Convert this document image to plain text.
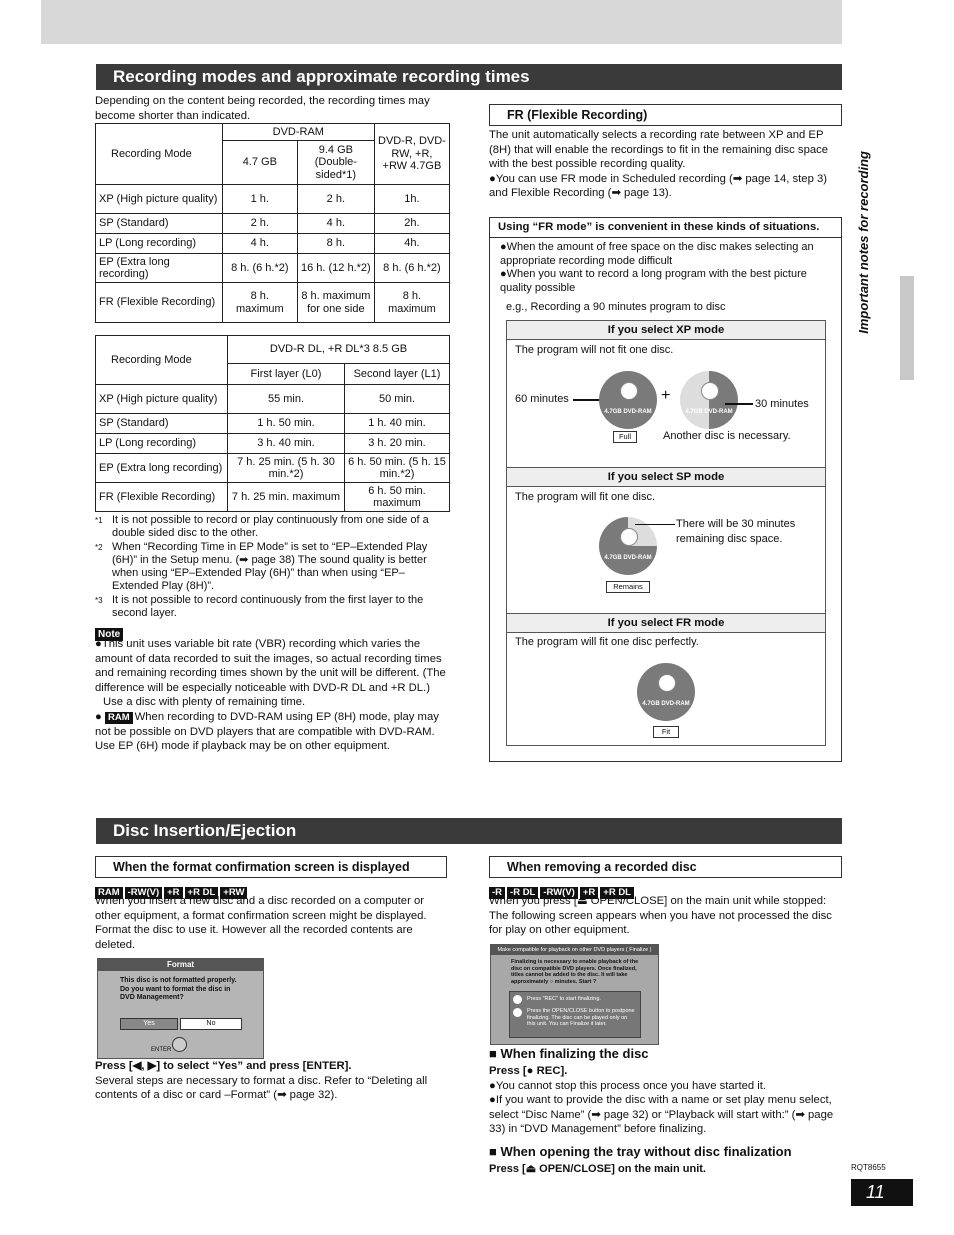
Recording modes and approximate recording times
Depending on the content being recorded, the recording times may become shorter than indicated.
Recording Mode	DVD-RAM		DVD-R, DVD-RW, +R, +RW 4.7GB
	4.7 GB	9.4 GB (Double-sided*1)	
XP (High picture quality)	1 h.	2 h.	1h.
SP (Standard)	2 h.	4 h.	2h.
LP (Long recording)	4 h.	8 h.	4h.
EP (Extra long recording)	8 h. (6 h.*2)	16 h. (12 h.*2)	8 h. (6 h.*2)
FR (Flexible Recording)	8 h. maximum	8 h. maximum for one side	8 h. maximum
Recording Mode	DVD-R DL, +R DL*3 8.5 GB	
	First layer (L0)	Second layer (L1)
XP (High picture quality)	55 min.	50 min.
SP (Standard)	1 h. 50 min.	1 h. 40 min.
LP (Long recording)	3 h. 40 min.	3 h. 20 min.
EP (Extra long recording)	7 h. 25 min. (5 h. 30 min.*2)	6 h. 50 min. (5 h. 15 min.*2)
FR (Flexible Recording)	7 h. 25 min. maximum	6 h. 50 min. maximum
*1 It is not possible to record or play continuously from one side of a double sided disc to the other.
*2 When “Recording Time in EP Mode” is set to “EP–Extended Play (6H)” in the Setup menu. (➡ page 38) The sound quality is better when using “EP–Extended Play (6H)” than when using “EP–Extended Play (8H)”.
*3 It is not possible to record continuously from the first layer to the second layer.
Note
●This unit uses variable bit rate (VBR) recording which varies the amount of data recorded to suit the images, so actual recording times and remaining recording times shown by the unit will be different. (The difference will be especially noticeable with DVD-R DL and +R DL.)
Use a disc with plenty of remaining time.
● RAM When recording to DVD-RAM using EP (8H) mode, play may not be possible on DVD players that are compatible with DVD-RAM. Use EP (6H) mode if playback may be on other equipment.
FR (Flexible Recording)
The unit automatically selects a recording rate between XP and EP (8H) that will enable the recordings to fit in the remaining disc space with the best possible recording quality.
●You can use FR mode in Scheduled recording (➡ page 14, step 3) and Flexible Recording (➡ page 13).
Using “FR mode” is convenient in these kinds of situations.
●When the amount of free space on the disc makes selecting an appropriate recording mode difficult
●When you want to record a long program with the best picture quality possible
e.g., Recording a 90 minutes program to disc
If you select XP mode
The program will not fit one disc.
60 minutes
4.7GB DVD-RAM
+
4.7GB DVD-RAM
30 minutes
Full	Another disc is necessary.
If you select SP mode
The program will fit one disc.
4.7GB DVD-RAM
There will be 30 minutes remaining disc space.
Remains
If you select FR mode
The program will fit one disc perfectly.
4.7GB DVD-RAM
Fit
Important notes for recording
Disc Insertion/Ejection
When the format confirmation screen is displayed
RAM -RW(V) +R +R DL +RW
When you insert a new disc and a disc recorded on a computer or other equipment, a format confirmation screen might be displayed. Format the disc to use it. However all the recorded contents are deleted.
Format
This disc is not formatted properly. Do you want to format the disc in DVD Management?
Yes	No
ENTER
Press [◀, ▶] to select “Yes” and press [ENTER].
Several steps are necessary to format a disc. Refer to “Deleting all contents of a disc or card –Format” (➡ page 32).
When removing a recorded disc
-R -R DL -RW(V) +R +R DL
When you press [⏏ OPEN/CLOSE] on the main unit while stopped: The following screen appears when you have not processed the disc for play on other equipment.
Make compatible for playback on other DVD players ( Finalize )
Finalizing is necessary to enable playback of the disc on compatible DVD players. Once finalized, titles cannot be added to the disc. It will take approximately ○ minutes. Start ?
Press "REC" to start finalizing.
Press the OPEN/CLOSE button to postpone finalizing. The disc can be played only on this unit. You can Finalize it later.
■ When finalizing the disc
Press [● REC].
●You cannot stop this process once you have started it.
●If you want to provide the disc with a name or set play menu select, select “Disc Name” (➡ page 32) or “Playback will start with:” (➡ page 33) in “DVD Management” before finalizing.
■ When opening the tray without disc finalization
Press [⏏ OPEN/CLOSE] on the main unit.	RQT8655
11
